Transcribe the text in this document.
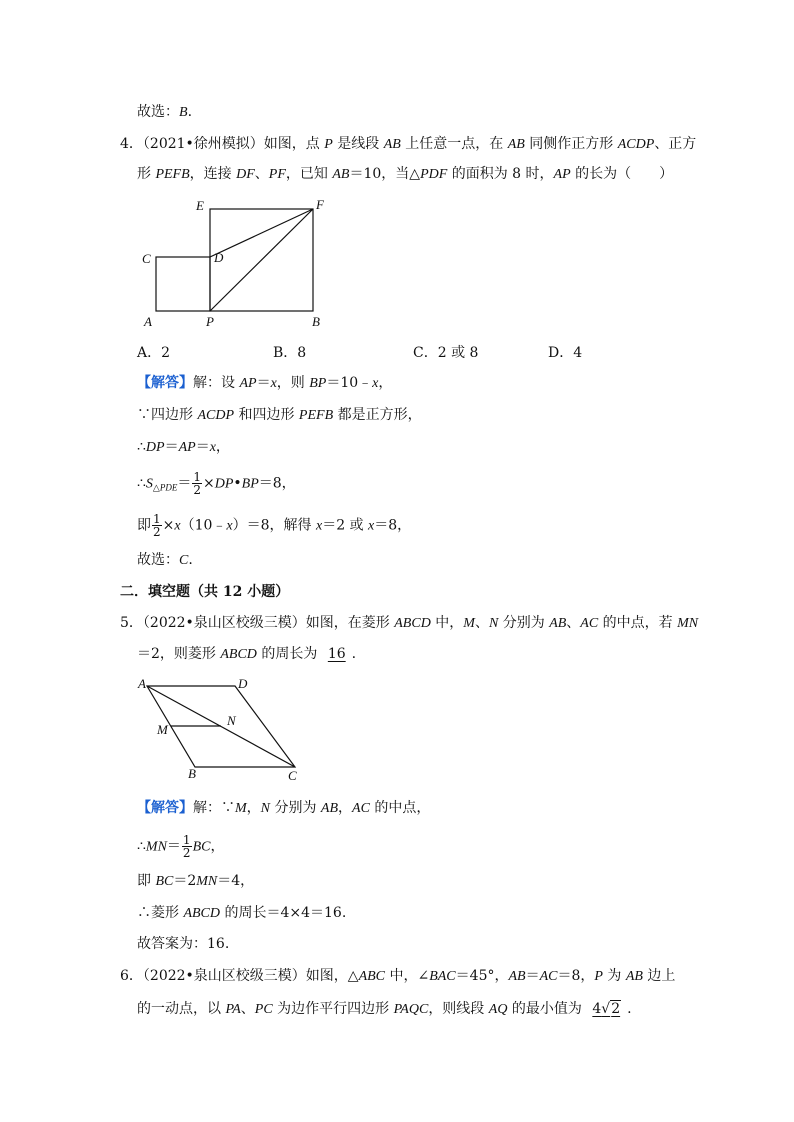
故选：B.
4．（2021•徐州模拟）如图，点 P 是线段 AB 上任意一点，在 AB 同侧作正方形 ACDP、正方
形 PEFB，连接 DF、PF，已知 AB＝10，当△PDF 的面积为 8 时，AP 的长为（　　）
E	F
C	D
A	P	B
A．2	B．8	C．2 或 8	D．4
【解答】解：设 AP＝x，则 BP＝10﹣x，
∵四边形 ACDP 和四边形 PEFB 都是正方形，
∴DP＝AP＝x，
$\therefore S_{\triangle PDE}= \frac{1}{2}$ ×DP•BP＝8，
即 $\frac{1}{2}$ ×x（10﹣x）＝8，解得 x＝2 或 x＝8，
故选：C.
二．填空题（共 12 小题）
5．（2022•泉山区校级三模）如图，在菱形 ABCD 中，M、N 分别为 AB、AC 的中点，若 MN
＝2，则菱形 ABCD 的周长为 16 .
A	D
N
M
B	C
【解答】解：∵M，N 分别为 AB，AC 的中点，
∴MN＝ $\frac{1}{2}$ BC，
即 BC＝2MN＝4，
∴菱形 ABCD 的周长＝4×4＝16.
故答案为：16.
6．（2022•泉山区校级三模）如图，△ABC 中，∠BAC＝45°，AB＝AC＝8，P 为 AB 边上
的一动点，以 PA、PC 为边作平行四边形 PAQC，则线段 AQ 的最小值为 4√2 .
